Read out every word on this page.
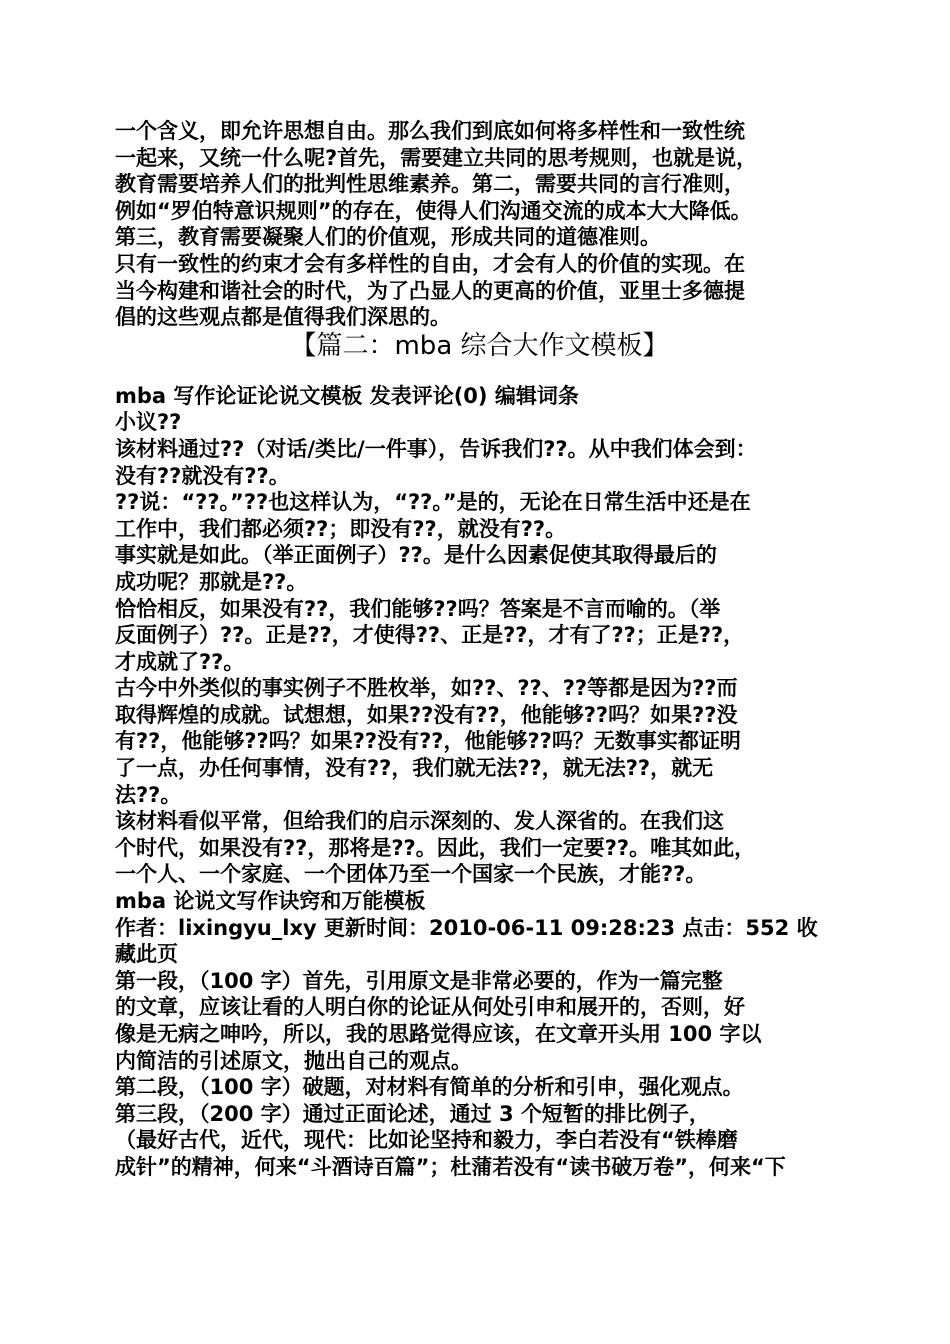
一个含义，即允许思想自由。那么我们到底如何将多样性和一致性统
一起来，又统一什么呢?首先，需要建立共同的思考规则，也就是说，
教育需要培养人们的批判性思维素养。第二，需要共同的言行准则，
例如“罗伯特意识规则”的存在，使得人们沟通交流的成本大大降低。
第三，教育需要凝聚人们的价值观，形成共同的道德准则。
只有一致性的约束才会有多样性的自由，才会有人的价值的实现。在
当今构建和谐社会的时代，为了凸显人的更高的价值，亚里士多德提
倡的这些观点都是值得我们深思的。
【篇二：mba 综合大作文模板】
mba 写作论证论说文模板 发表评论(0) 编辑词条
小议??
该材料通过??（对话/类比/一件事），告诉我们??。从中我们体会到：
没有??就没有??。
??说：“??。”??也这样认为，“??。”是的，无论在日常生活中还是在
工作中，我们都必须??；即没有??，就没有??。
事实就是如此。（举正面例子）??。是什么因素促使其取得最后的
成功呢？那就是??。
恰恰相反，如果没有??，我们能够??吗？答案是不言而喻的。（举
反面例子）??。正是??，才使得??、正是??，才有了??；正是??，
才成就了??。
古今中外类似的事实例子不胜枚举，如??、??、??等都是因为??而
取得辉煌的成就。试想想，如果??没有??，他能够??吗？如果??没
有??，他能够??吗？如果??没有??，他能够??吗？无数事实都证明
了一点，办任何事情，没有??，我们就无法??，就无法??，就无
法??。
该材料看似平常，但给我们的启示深刻的、发人深省的。在我们这
个时代，如果没有??，那将是??。因此，我们一定要??。唯其如此，
一个人、一个家庭、一个团体乃至一个国家一个民族，才能??。
mba 论说文写作诀窍和万能模板
作者：lixingyu_lxy 更新时间：2010-06-11 09:28:23 点击：552 收
藏此页
第一段，（100 字）首先，引用原文是非常必要的，作为一篇完整
的文章，应该让看的人明白你的论证从何处引申和展开的，否则，好
像是无病之呻吟，所以，我的思路觉得应该，在文章开头用 100 字以
内简洁的引述原文，抛出自己的观点。
第二段，（100 字）破题，对材料有简单的分析和引申，强化观点。
第三段，（200 字）通过正面论述，通过 3 个短暂的排比例子，
（最好古代，近代，现代：比如论坚持和毅力，李白若没有“铁棒磨
成针”的精神，何来“斗酒诗百篇”；杜蒲若没有“读书破万卷”，何来“下
